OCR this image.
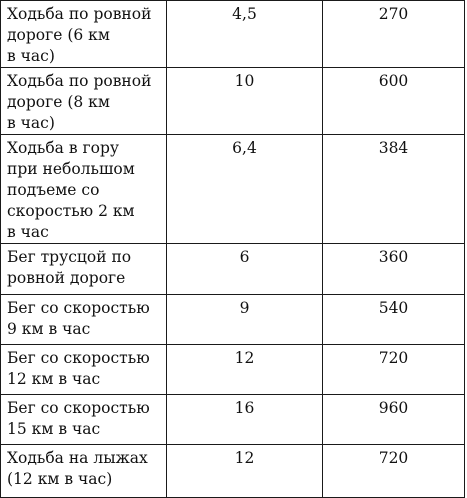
Ходьба по ровной
дороге (6 км
в час)	4,5	270
Ходьба по ровной
дороге (8 км
в час)	10	600
Ходьба в гору
при небольшом
подъеме со
скоростью 2 км
в час	6,4	384
Бег трусцой по
ровной дороге	6	360
Бег со скоростью
9 км в час	9	540
Бег со скоростью
12 км в час	12	720
Бег со скоростью
15 км в час	16	960
Ходьба на лыжах
(12 км в час)	12	720
